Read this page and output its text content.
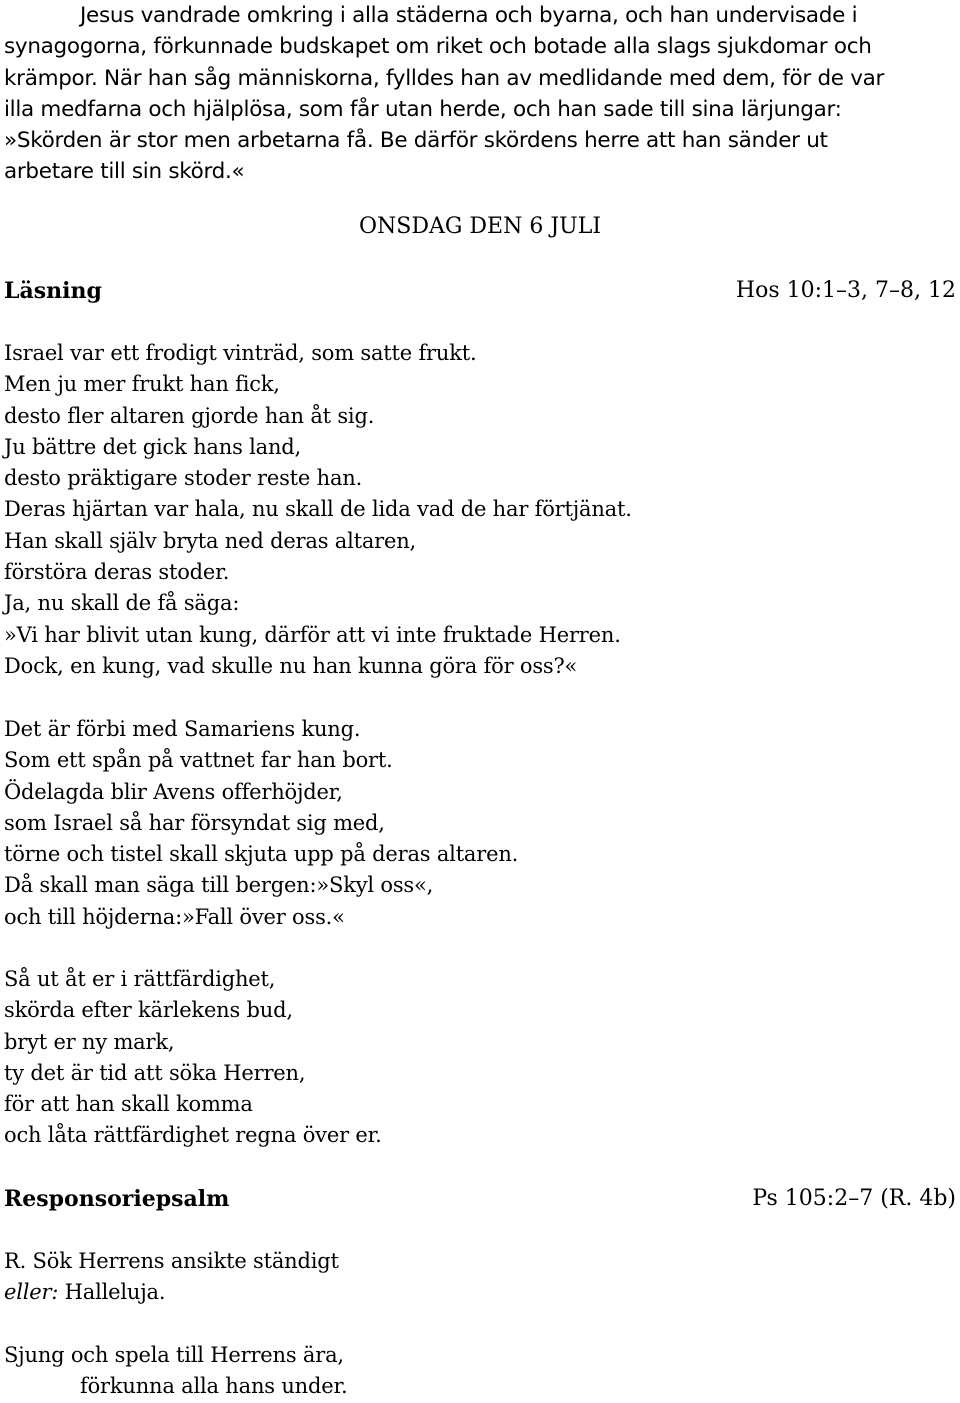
Jesus vandrade omkring i alla städerna och byarna, och han undervisade i
synagogorna, förkunnade budskapet om riket och botade alla slags sjukdomar och
krämpor. När han såg människorna, fylldes han av medlidande med dem, för de var
illa medfarna och hjälplösa, som får utan herde, och han sade till sina lärjungar:
»Skörden är stor men arbetarna få. Be därför skördens herre att han sänder ut
arbetare till sin skörd.«

ONSDAG DEN 6 JULI
Läsning	Hos 10:1–3, 7–8, 12

Israel var ett frodigt vinträd, som satte frukt.
Men ju mer frukt han fick,
desto fler altaren gjorde han åt sig.
Ju bättre det gick hans land,
desto präktigare stoder reste han.
Deras hjärtan var hala, nu skall de lida vad de har förtjänat.
Han skall själv bryta ned deras altaren,
förstöra deras stoder.
Ja, nu skall de få säga:
»Vi har blivit utan kung, därför att vi inte fruktade Herren.
Dock, en kung, vad skulle nu han kunna göra för oss?«

Det är förbi med Samariens kung.
Som ett spån på vattnet far han bort.
Ödelagda blir Avens offerhöjder,
som Israel så har försyndat sig med,
törne och tistel skall skjuta upp på deras altaren.
Då skall man säga till bergen:»Skyl oss«,
och till höjderna:»Fall över oss.«

Så ut åt er i rättfärdighet,
skörda efter kärlekens bud,
bryt er ny mark,
ty det är tid att söka Herren,
för att han skall komma
och låta rättfärdighet regna över er.

Responsoriepsalm	Ps 105:2–7 (R. 4b)

R. Sök Herrens ansikte ständigt
eller: Halleluja.

Sjung och spela till Herrens ära,
förkunna alla hans under.
